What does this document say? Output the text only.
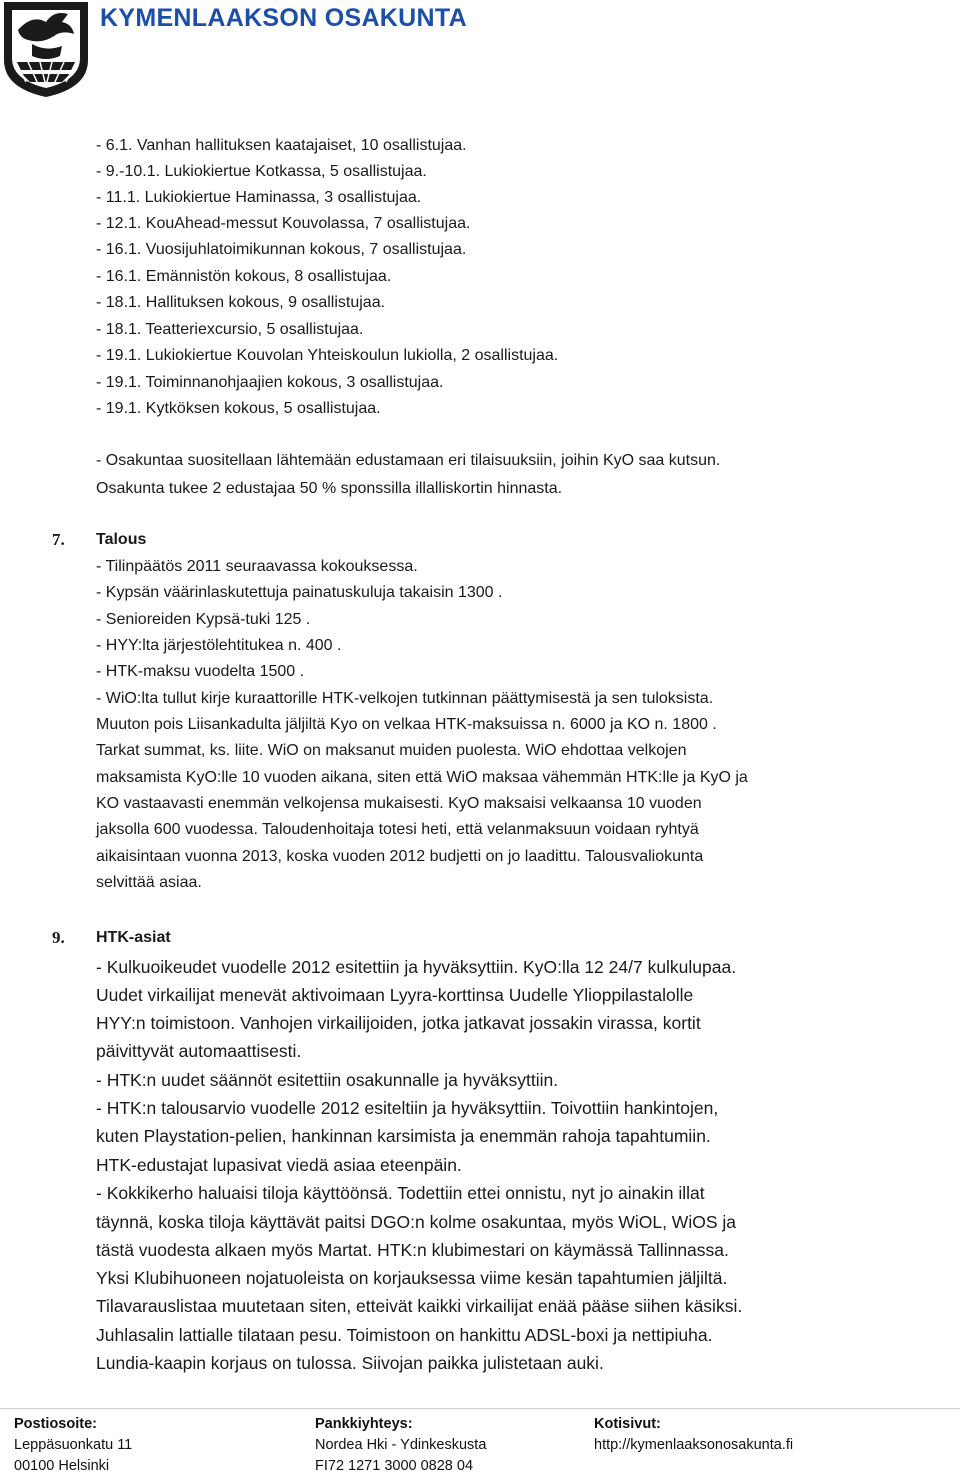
KYMENLAAKSON OSAKUNTA
- 6.1. Vanhan hallituksen kaatajaiset, 10 osallistujaa.
- 9.-10.1. Lukiokiertue Kotkassa, 5 osallistujaa.
- 11.1. Lukiokiertue Haminassa, 3 osallistujaa.
- 12.1. KouAhead-messut Kouvolassa, 7 osallistujaa.
- 16.1. Vuosijuhlatoimikunnan kokous, 7 osallistujaa.
- 16.1. Emännistön kokous, 8 osallistujaa.
- 18.1. Hallituksen kokous, 9 osallistujaa.
- 18.1. Teatteriexcursio, 5 osallistujaa.
- 19.1. Lukiokiertue Kouvolan Yhteiskoulun lukiolla, 2 osallistujaa.
- 19.1. Toiminnanohjaajien kokous, 3 osallistujaa.
- 19.1. Kytköksen kokous, 5 osallistujaa.
- Osakuntaa suositellaan lähtemään edustamaan eri tilaisuuksiin, joihin KyO saa kutsun.
Osakunta tukee 2 edustajaa 50 % sponssilla illalliskortin hinnasta.
7. Talous
- Tilinpäätös 2011 seuraavassa kokouksessa.
- Kypsän väärinlaskutettuja painatuskuluja takaisin 1300 .
- Senioreiden Kypsä-tuki 125 .
- HYY:lta järjestölehtitukea n. 400 .
- HTK-maksu vuodelta 1500 .
- WiO:lta tullut kirje kuraattorille HTK-velkojen tutkinnan päättymisestä ja sen tuloksista.
Muuton pois Liisankadulta jäljiltä Kyo on velkaa HTK-maksuissa n. 6000 ja KO n. 1800 .
Tarkat summat, ks. liite. WiO on maksanut muiden puolesta. WiO ehdottaa velkojen
maksamista KyO:lle 10 vuoden aikana, siten että WiO maksaa vähemmän HTK:lle ja KyO ja
KO vastaavasti enemmän velkojensa mukaisesti. KyO maksaisi velkaansa 10 vuoden
jaksolla 600 vuodessa. Taloudenhoitaja totesi heti, että velanmaksuun voidaan ryhtyä
aikaisintaan vuonna 2013, koska vuoden 2012 budjetti on jo laadittu. Talousvaliokunta
selvittää asiaa.
9. HTK-asiat
- Kulkuoikeudet vuodelle 2012 esitettiin ja hyväksyttiin. KyO:lla 12 24/7 kulkulupaa.
Uudet virkailijat menevät aktivoimaan Lyyra-korttinsa Uudelle Ylioppilastalolle
HYY:n toimistoon. Vanhojen virkailijoiden, jotka jatkavat jossakin virassa, kortit
päivittyvät automaattisesti.
- HTK:n uudet säännöt esitettiin osakunnalle ja hyväksyttiin.
- HTK:n talousarvio vuodelle 2012 esiteltiin ja hyväksyttiin. Toivottiin hankintojen,
kuten Playstation-pelien, hankinnan karsimista ja enemmän rahoja tapahtumiin.
HTK-edustajat lupasivat viedä asiaa eteenpäin.
- Kokkikerho haluaisi tiloja käyttöönsä. Todettiin ettei onnistu, nyt jo ainakin illat
täynnä, koska tiloja käyttävät paitsi DGO:n kolme osakuntaa, myös WiOL, WiOS ja
tästä vuodesta alkaen myös Martat. HTK:n klubimestari on käymässä Tallinnassa.
Yksi Klubihuoneen nojatuoleista on korjauksessa viime kesän tapahtumien jäljiltä.
Tilavarauslistaa muutetaan siten, etteivät kaikki virkailijat enää pääse siihen käsiksi.
Juhlasalin lattialle tilataan pesu. Toimistoon on hankittu ADSL-boxi ja nettipiuha.
Lundia-kaapin korjaus on tulossa. Siivojan paikka julistetaan auki.
Postiosoite:
Leppäsuonkatu 11
00100 Helsinki
Pankkiyhteys:
Nordea Hki - Ydinkeskusta
FI72 1271 3000 0828 04
Kotisivut:
http://kymenlaaksonosakunta.fi
